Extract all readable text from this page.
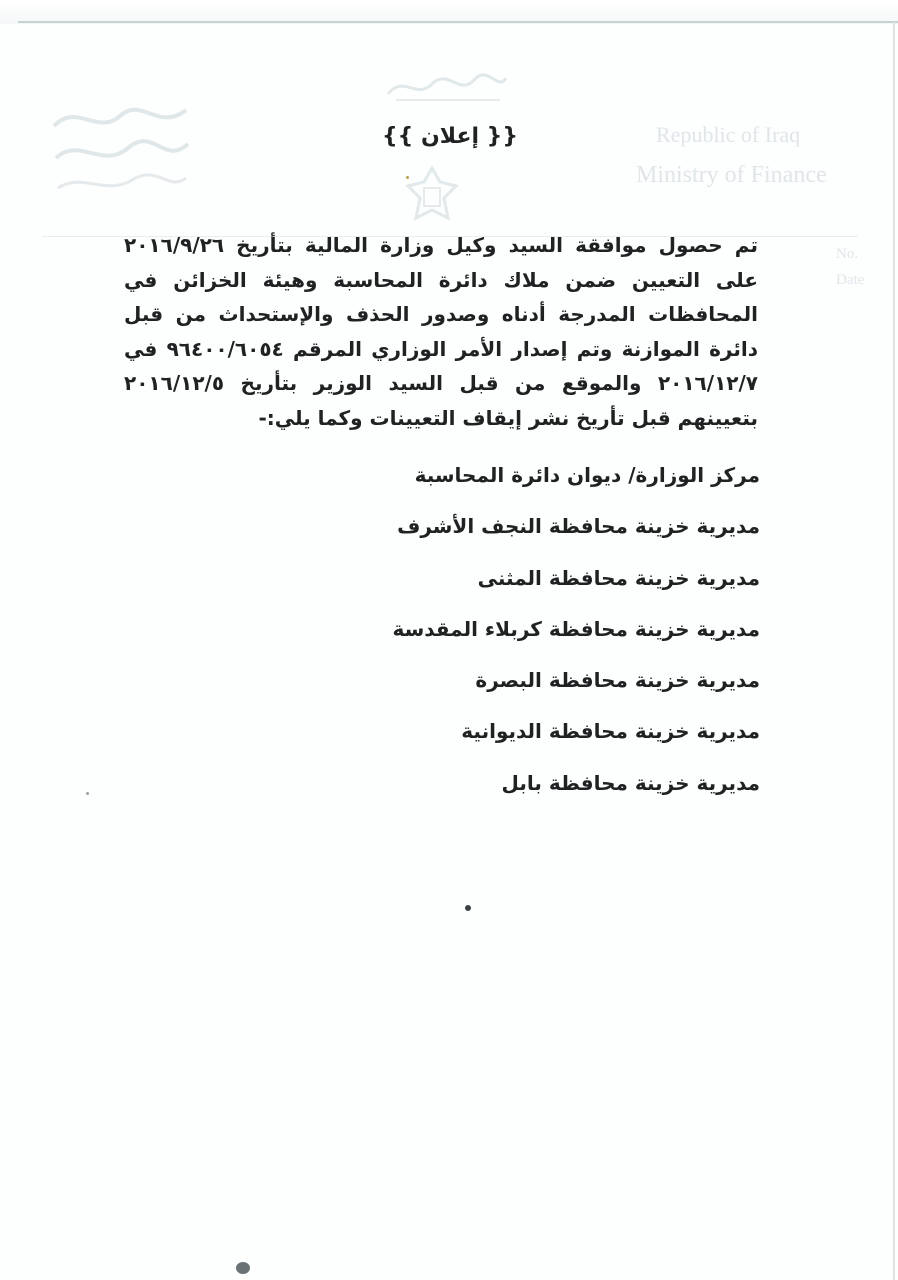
Republic of Iraq
Ministry of Finance
No.
Date
{{ إعلان }}
تم حصول موافقة السيد وكيل وزارة المالية بتأريخ ٢٠١٦/٩/٢٦ على التعيين ضمن ملاك دائرة المحاسبة وهيئة الخزائن في المحافظات المدرجة أدناه وصدور الحذف والإستحداث من قبل دائرة الموازنة وتم إصدار الأمر الوزاري المرقم ٩٦٤٠٠/٦٠٥٤ في ٢٠١٦/١٢/٧ والموقع من قبل السيد الوزير بتأريخ ٢٠١٦/١٢/٥ بتعيينهم قبل تأريخ نشر إيقاف التعيينات وكما يلي:-
مركز الوزارة/ ديوان دائرة المحاسبة
مديرية خزينة محافظة النجف الأشرف
مديرية خزينة محافظة المثنى
مديرية خزينة محافظة كربلاء المقدسة
مديرية خزينة محافظة البصرة
مديرية خزينة محافظة الديوانية
مديرية خزينة محافظة بابل
